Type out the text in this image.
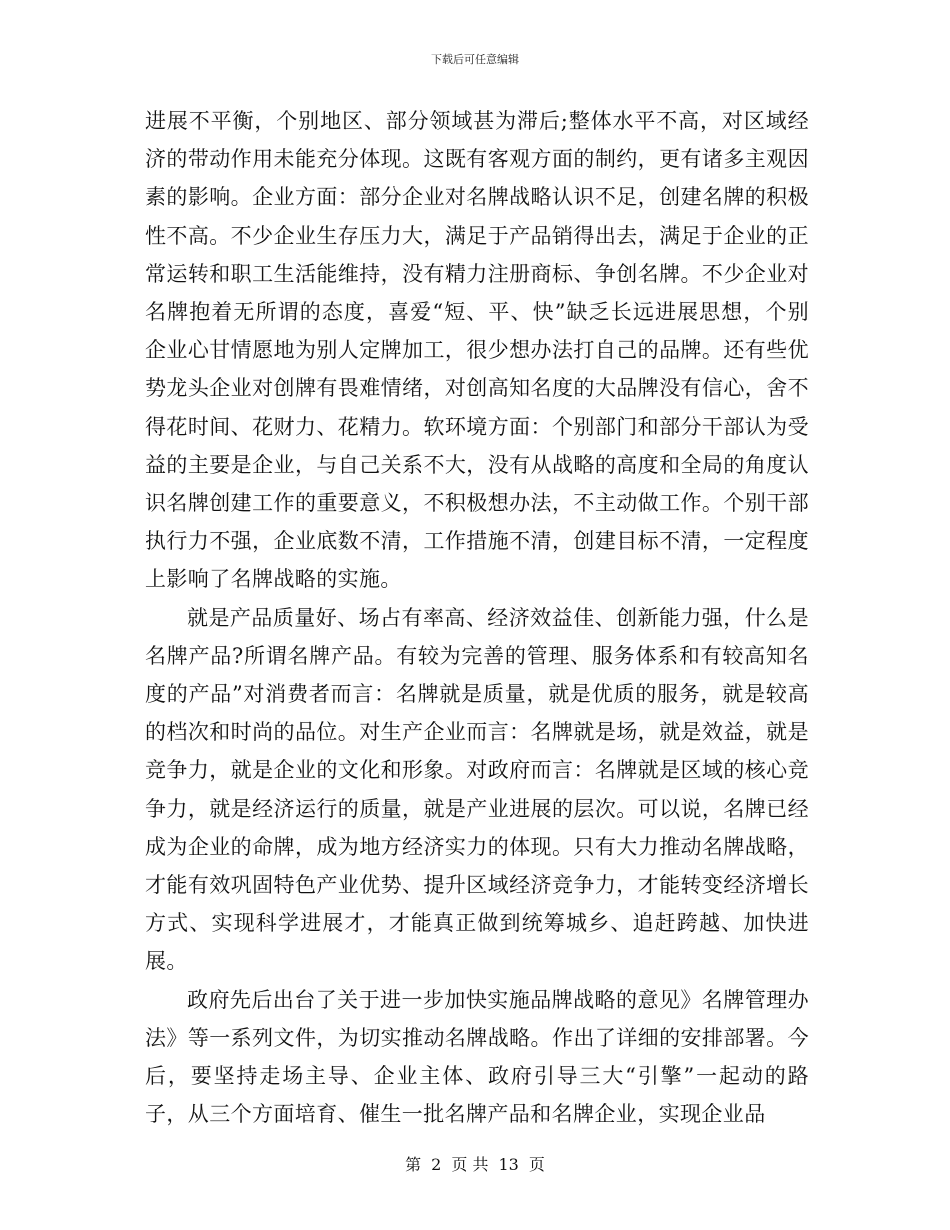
下载后可任意编辑

进展不平衡，个别地区、部分领域甚为滞后;整体水平不高，对区域经济的带动作用未能充分体现。这既有客观方面的制约，更有诸多主观因素的影响。企业方面：部分企业对名牌战略认识不足，创建名牌的积极性不高。不少企业生存压力大，满足于产品销得出去，满足于企业的正常运转和职工生活能维持，没有精力注册商标、争创名牌。不少企业对名牌抱着无所谓的态度，喜爱“短、平、快”缺乏长远进展思想，个别企业心甘情愿地为别人定牌加工，很少想办法打自己的品牌。还有些优势龙头企业对创牌有畏难情绪，对创高知名度的大品牌没有信心，舍不得花时间、花财力、花精力。软环境方面：个别部门和部分干部认为受益的主要是企业，与自己关系不大，没有从战略的高度和全局的角度认识名牌创建工作的重要意义，不积极想办法，不主动做工作。个别干部执行力不强，企业底数不清，工作措施不清，创建目标不清，一定程度上影响了名牌战略的实施。

就是产品质量好、场占有率高、经济效益佳、创新能力强，什么是名牌产品?所谓名牌产品。有较为完善的管理、服务体系和有较高知名度的产品”对消费者而言：名牌就是质量，就是优质的服务，就是较高的档次和时尚的品位。对生产企业而言：名牌就是场，就是效益，就是竞争力，就是企业的文化和形象。对政府而言：名牌就是区域的核心竞争力，就是经济运行的质量，就是产业进展的层次。可以说，名牌已经成为企业的命牌，成为地方经济实力的体现。只有大力推动名牌战略，才能有效巩固特色产业优势、提升区域经济竞争力，才能转变经济增长方式、实现科学进展才，才能真正做到统筹城乡、追赶跨越、加快进展。

政府先后出台了关于进一步加快实施品牌战略的意见》名牌管理办法》等一系列文件，为切实推动名牌战略。作出了详细的安排部署。今后，要坚持走场主导、企业主体、政府引导三大“引擎”一起动的路子，从三个方面培育、催生一批名牌产品和名牌企业，实现企业品

第 2 页 共 13 页
